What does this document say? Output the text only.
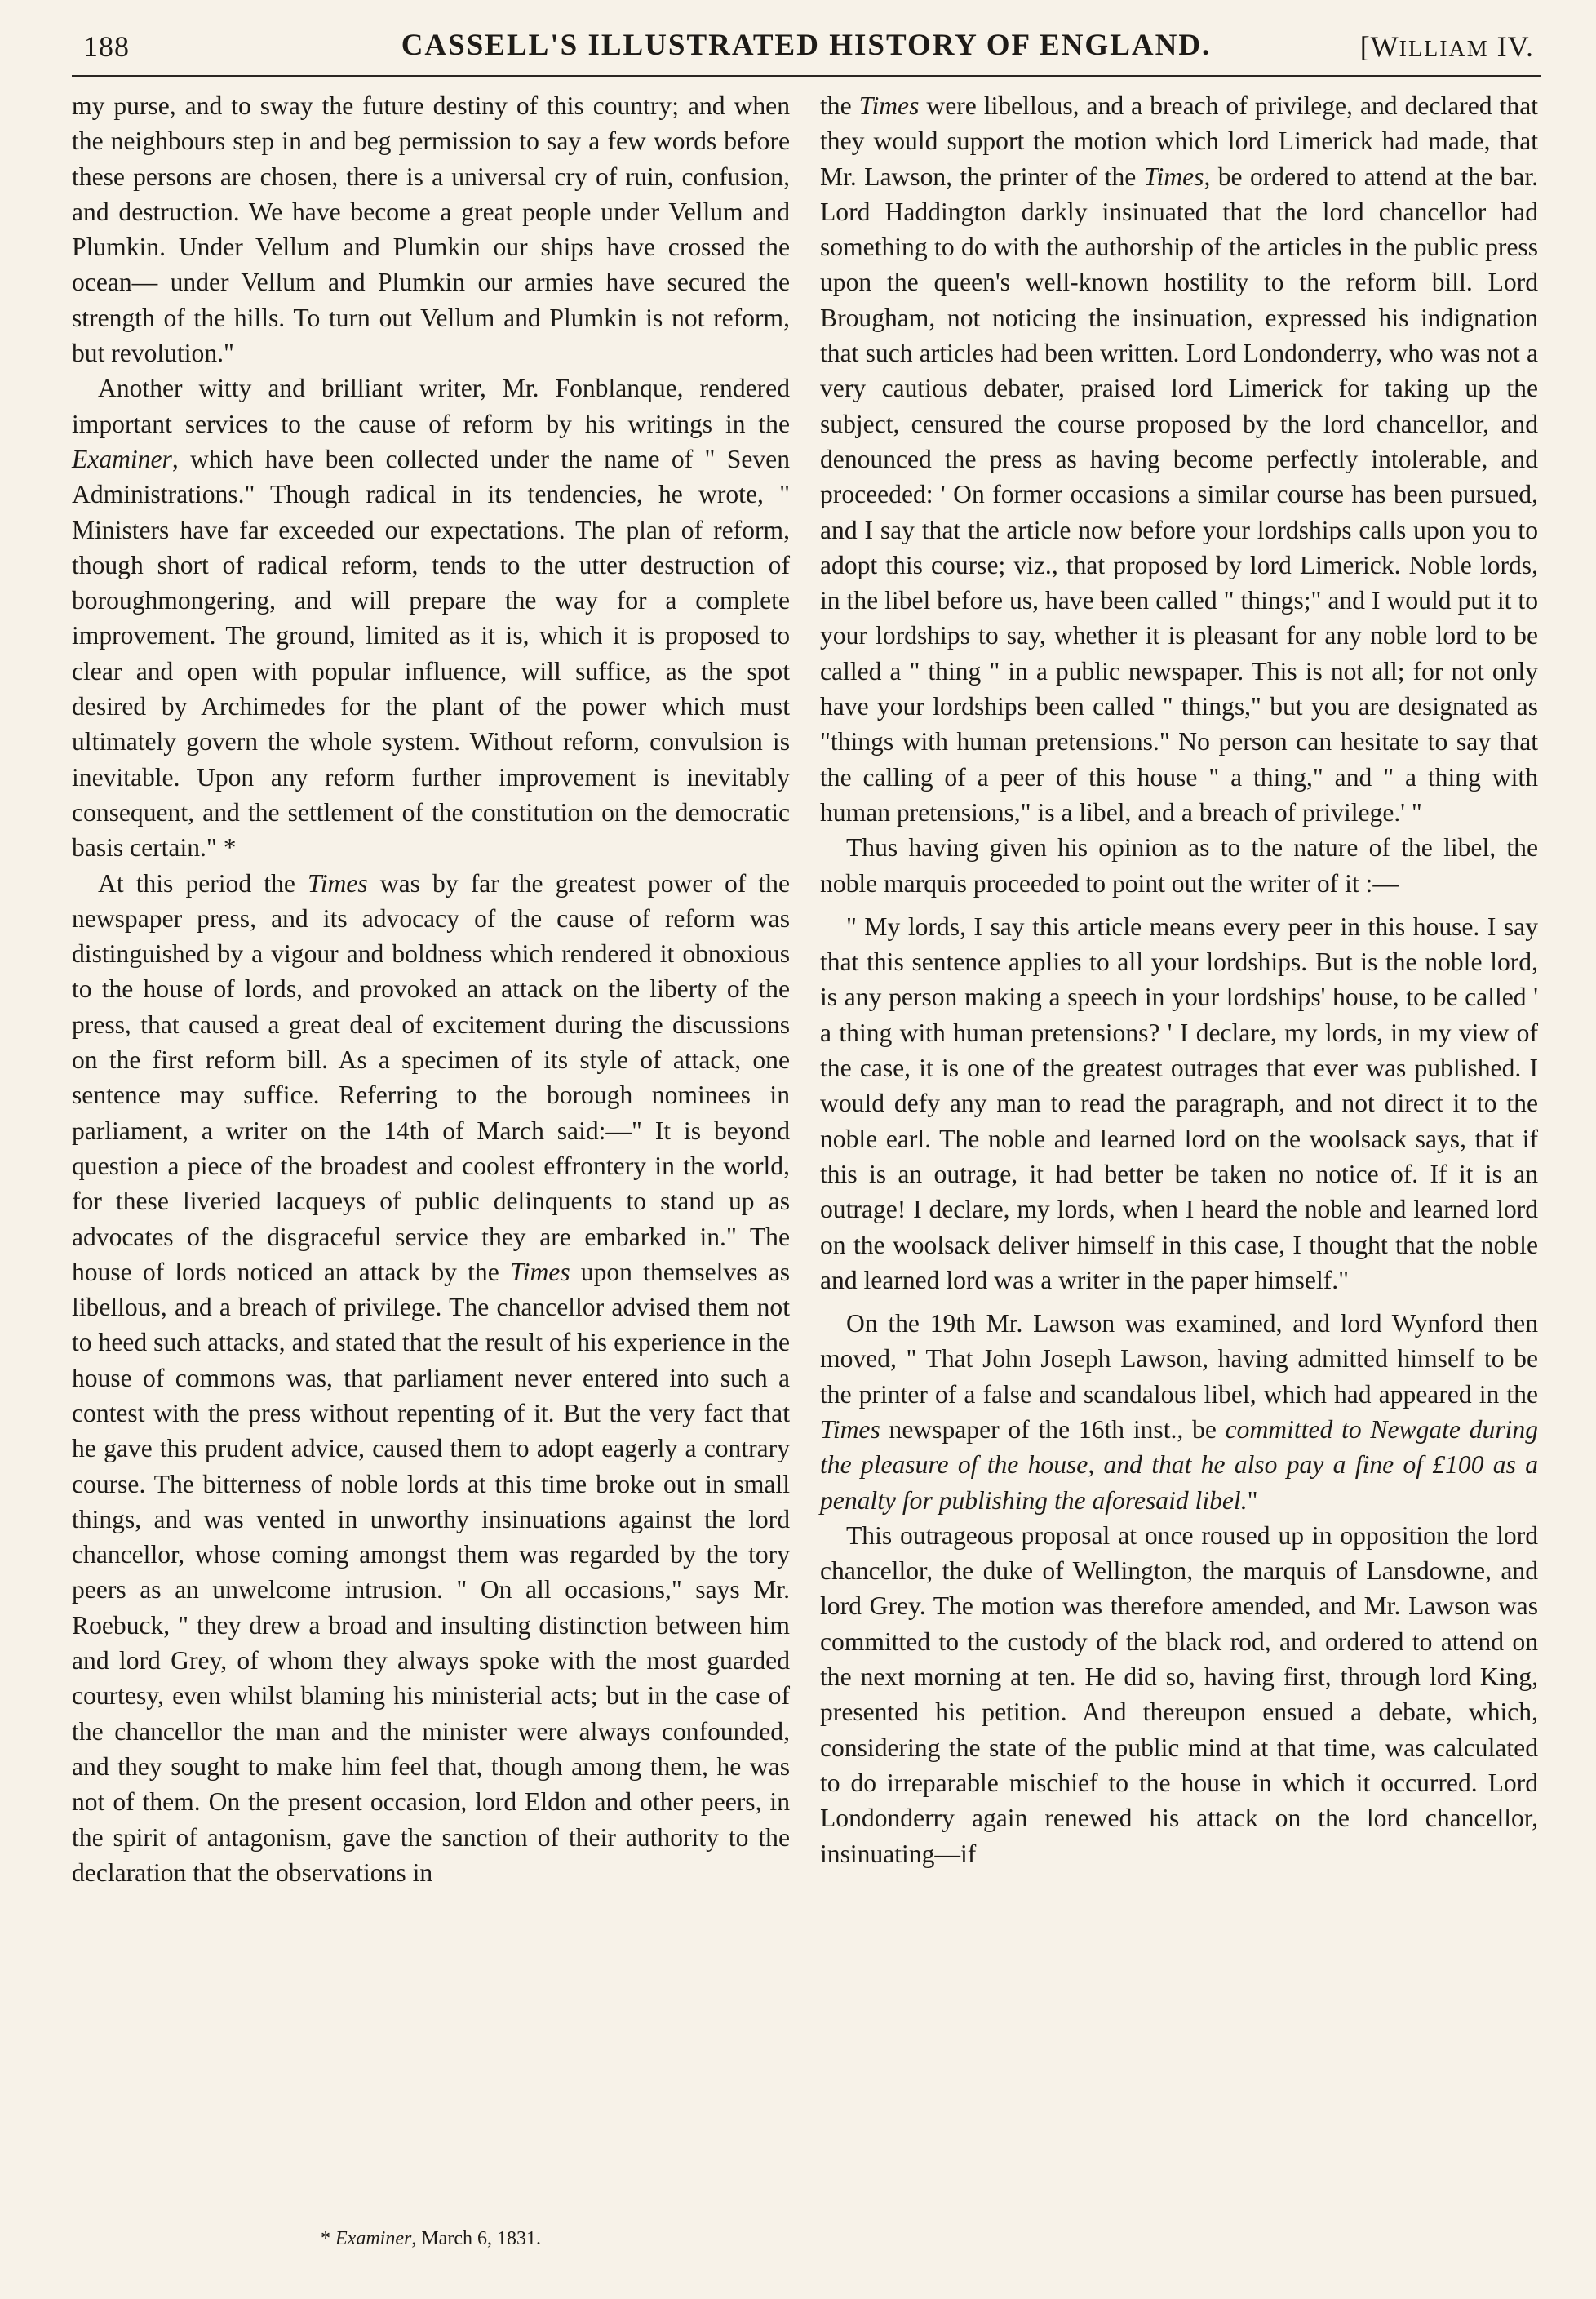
188	CASSELL'S ILLUSTRATED HISTORY OF ENGLAND.	[WILLIAM IV.

my purse, and to sway the future destiny of this country; and when the neighbours step in and beg permission to say a few words before these persons are chosen, there is a universal cry of ruin, confusion, and destruction. We have become a great people under Vellum and Plumkin. Under Vellum and Plumkin our ships have crossed the ocean— under Vellum and Plumkin our armies have secured the strength of the hills. To turn out Vellum and Plumkin is not reform, but revolution."

Another witty and brilliant writer, Mr. Fonblanque, rendered important services to the cause of reform by his writings in the Examiner, which have been collected under the name of " Seven Administrations." Though radical in its tendencies, he wrote, " Ministers have far exceeded our expectations. The plan of reform, though short of radical reform, tends to the utter destruction of boroughmongering, and will prepare the way for a complete improvement. The ground, limited as it is, which it is proposed to clear and open with popular influence, will suffice, as the spot desired by Archimedes for the plant of the power which must ultimately govern the whole system. Without reform, convulsion is inevitable. Upon any reform further improvement is inevitably consequent, and the settlement of the constitution on the democratic basis certain." *

At this period the Times was by far the greatest power of the newspaper press, and its advocacy of the cause of reform was distinguished by a vigour and boldness which rendered it obnoxious to the house of lords, and provoked an attack on the liberty of the press, that caused a great deal of excitement during the discussions on the first reform bill. As a specimen of its style of attack, one sentence may suffice. Referring to the borough nominees in parliament, a writer on the 14th of March said:—" It is beyond question a piece of the broadest and coolest effrontery in the world, for these liveried lacqueys of public delinquents to stand up as advocates of the disgraceful service they are embarked in." The house of lords noticed an attack by the Times upon themselves as libellous, and a breach of privilege. The chancellor advised them not to heed such attacks, and stated that the result of his experience in the house of commons was, that parliament never entered into such a contest with the press without repenting of it. But the very fact that he gave this prudent advice, caused them to adopt eagerly a contrary course. The bitterness of noble lords at this time broke out in small things, and was vented in unworthy insinuations against the lord chancellor, whose coming amongst them was regarded by the tory peers as an unwelcome intrusion. " On all occasions," says Mr. Roebuck, " they drew a broad and insulting distinction between him and lord Grey, of whom they always spoke with the most guarded courtesy, even whilst blaming his ministerial acts; but in the case of the chancellor the man and the minister were always confounded, and they sought to make him feel that, though among them, he was not of them. On the present occasion, lord Eldon and other peers, in the spirit of antagonism, gave the sanction of their authority to the declaration that the observations in

the Times were libellous, and a breach of privilege, and declared that they would support the motion which lord Limerick had made, that Mr. Lawson, the printer of the Times, be ordered to attend at the bar. Lord Haddington darkly insinuated that the lord chancellor had something to do with the authorship of the articles in the public press upon the queen's well-known hostility to the reform bill. Lord Brougham, not noticing the insinuation, expressed his indignation that such articles had been written. Lord Londonderry, who was not a very cautious debater, praised lord Limerick for taking up the subject, censured the course proposed by the lord chancellor, and denounced the press as having become perfectly intolerable, and proceeded: ' On former occasions a similar course has been pursued, and I say that the article now before your lordships calls upon you to adopt this course; viz., that proposed by lord Limerick. Noble lords, in the libel before us, have been called " things;" and I would put it to your lordships to say, whether it is pleasant for any noble lord to be called a " thing " in a public newspaper. This is not all; for not only have your lordships been called " things," but you are designated as "things with human pretensions." No person can hesitate to say that the calling of a peer of this house " a thing," and " a thing with human pretensions," is a libel, and a breach of privilege.' "

Thus having given his opinion as to the nature of the libel, the noble marquis proceeded to point out the writer of it :—

" My lords, I say this article means every peer in this house. I say that this sentence applies to all your lordships. But is the noble lord, is any person making a speech in your lordships' house, to be called ' a thing with human pretensions? ' I declare, my lords, in my view of the case, it is one of the greatest outrages that ever was published. I would defy any man to read the paragraph, and not direct it to the noble earl. The noble and learned lord on the woolsack says, that if this is an outrage, it had better be taken no notice of. If it is an outrage! I declare, my lords, when I heard the noble and learned lord on the woolsack deliver himself in this case, I thought that the noble and learned lord was a writer in the paper himself."

On the 19th Mr. Lawson was examined, and lord Wynford then moved, " That John Joseph Lawson, having admitted himself to be the printer of a false and scandalous libel, which had appeared in the Times newspaper of the 16th inst., be committed to Newgate during the pleasure of the house, and that he also pay a fine of £100 as a penalty for publishing the aforesaid libel."

This outrageous proposal at once roused up in opposition the lord chancellor, the duke of Wellington, the marquis of Lansdowne, and lord Grey. The motion was therefore amended, and Mr. Lawson was committed to the custody of the black rod, and ordered to attend on the next morning at ten. He did so, having first, through lord King, presented his petition. And thereupon ensued a debate, which, considering the state of the public mind at that time, was calculated to do irreparable mischief to the house in which it occurred. Lord Londonderry again renewed his attack on the lord chancellor, insinuating—if

* Examiner, March 6, 1831.
